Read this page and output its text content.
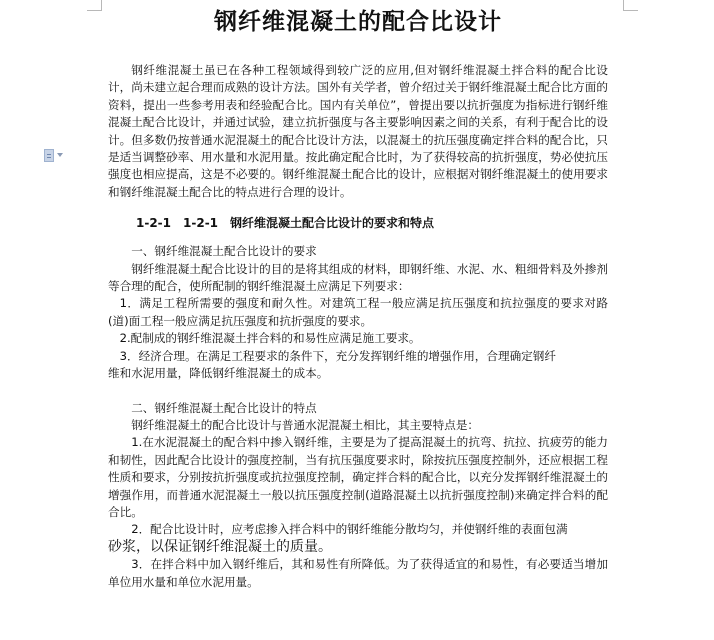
钢纤维混凝土的配合比设计

钢纤维混凝土虽已在各种工程领域得到较广泛的应用,但对钢纤维混凝土拌合料的配合比设计，尚未建立起合理而成熟的设计方法。国外有关学者，曾介绍过关于钢纤维混凝土配合比方面的资料，提出一些参考用表和经验配合比。国内有关单位”，曾提出要以抗折强度为指标进行钢纤维混凝土配合比设计，并通过试验，建立抗折强度与各主要影响因素之间的关系，有利于配合比的设计。但多数仍按普通水泥混凝土的配合比设计方法，以混凝土的抗压强度确定拌合料的配合比，只是适当调整砂率、用水量和水泥用量。按此确定配合比时，为了获得较高的抗折强度，势必使抗压强度也相应提高，这是不必要的。钢纤维混凝土配合比的设计，应根据对钢纤维混凝土的使用要求和钢纤维混凝土配合比的特点进行合理的设计。

1-2-1　1-2-1　钢纤维混凝土配合比设计的要求和特点

一、钢纤维混凝土配合比设计的要求

钢纤维混凝土配合比设计的目的是将其组成的材料，即钢纤维、水泥、水、粗细骨料及外掺剂等合理的配合，使所配制的钢纤维混凝土应满足下列要求：

1．满足工程所需要的强度和耐久性。对建筑工程一般应满足抗压强度和抗拉强度的要求对路(道)面工程一般应满足抗压强度和抗折强度的要求。

2.配制成的钢纤维混凝土拌合料的和易性应满足施工要求。

3．经济合理。在满足工程要求的条件下，充分发挥钢纤维的增强作用，合理确定钢纤

维和水泥用量，降低钢纤维混凝土的成本。

二、钢纤维混凝土配合比设计的特点

钢纤维混凝土的配合比设计与普通水泥混凝土相比，其主要特点是：

1.在水泥混凝土的配合料中掺入钢纤维，主要是为了提高混凝土的抗弯、抗拉、抗疲劳的能力和韧性，因此配合比设计的强度控制，当有抗压强度要求时，除按抗压强度控制外，还应根据工程性质和要求，分别按抗折强度或抗拉强度控制，确定拌合料的配合比，以充分发挥钢纤维混凝土的增强作用，而普通水泥混凝土一般以抗压强度控制(道路混凝土以抗折强度控制)来确定拌合料的配合比。

2．配合比设计时，应考虑掺入拌合料中的钢纤维能分散均匀，并使钢纤维的表面包满

砂浆，以保证钢纤维混凝土的质量。

3．在拌合料中加入钢纤维后，其和易性有所降低。为了获得适宜的和易性，有必要适当增加单位用水量和单位水泥用量。
